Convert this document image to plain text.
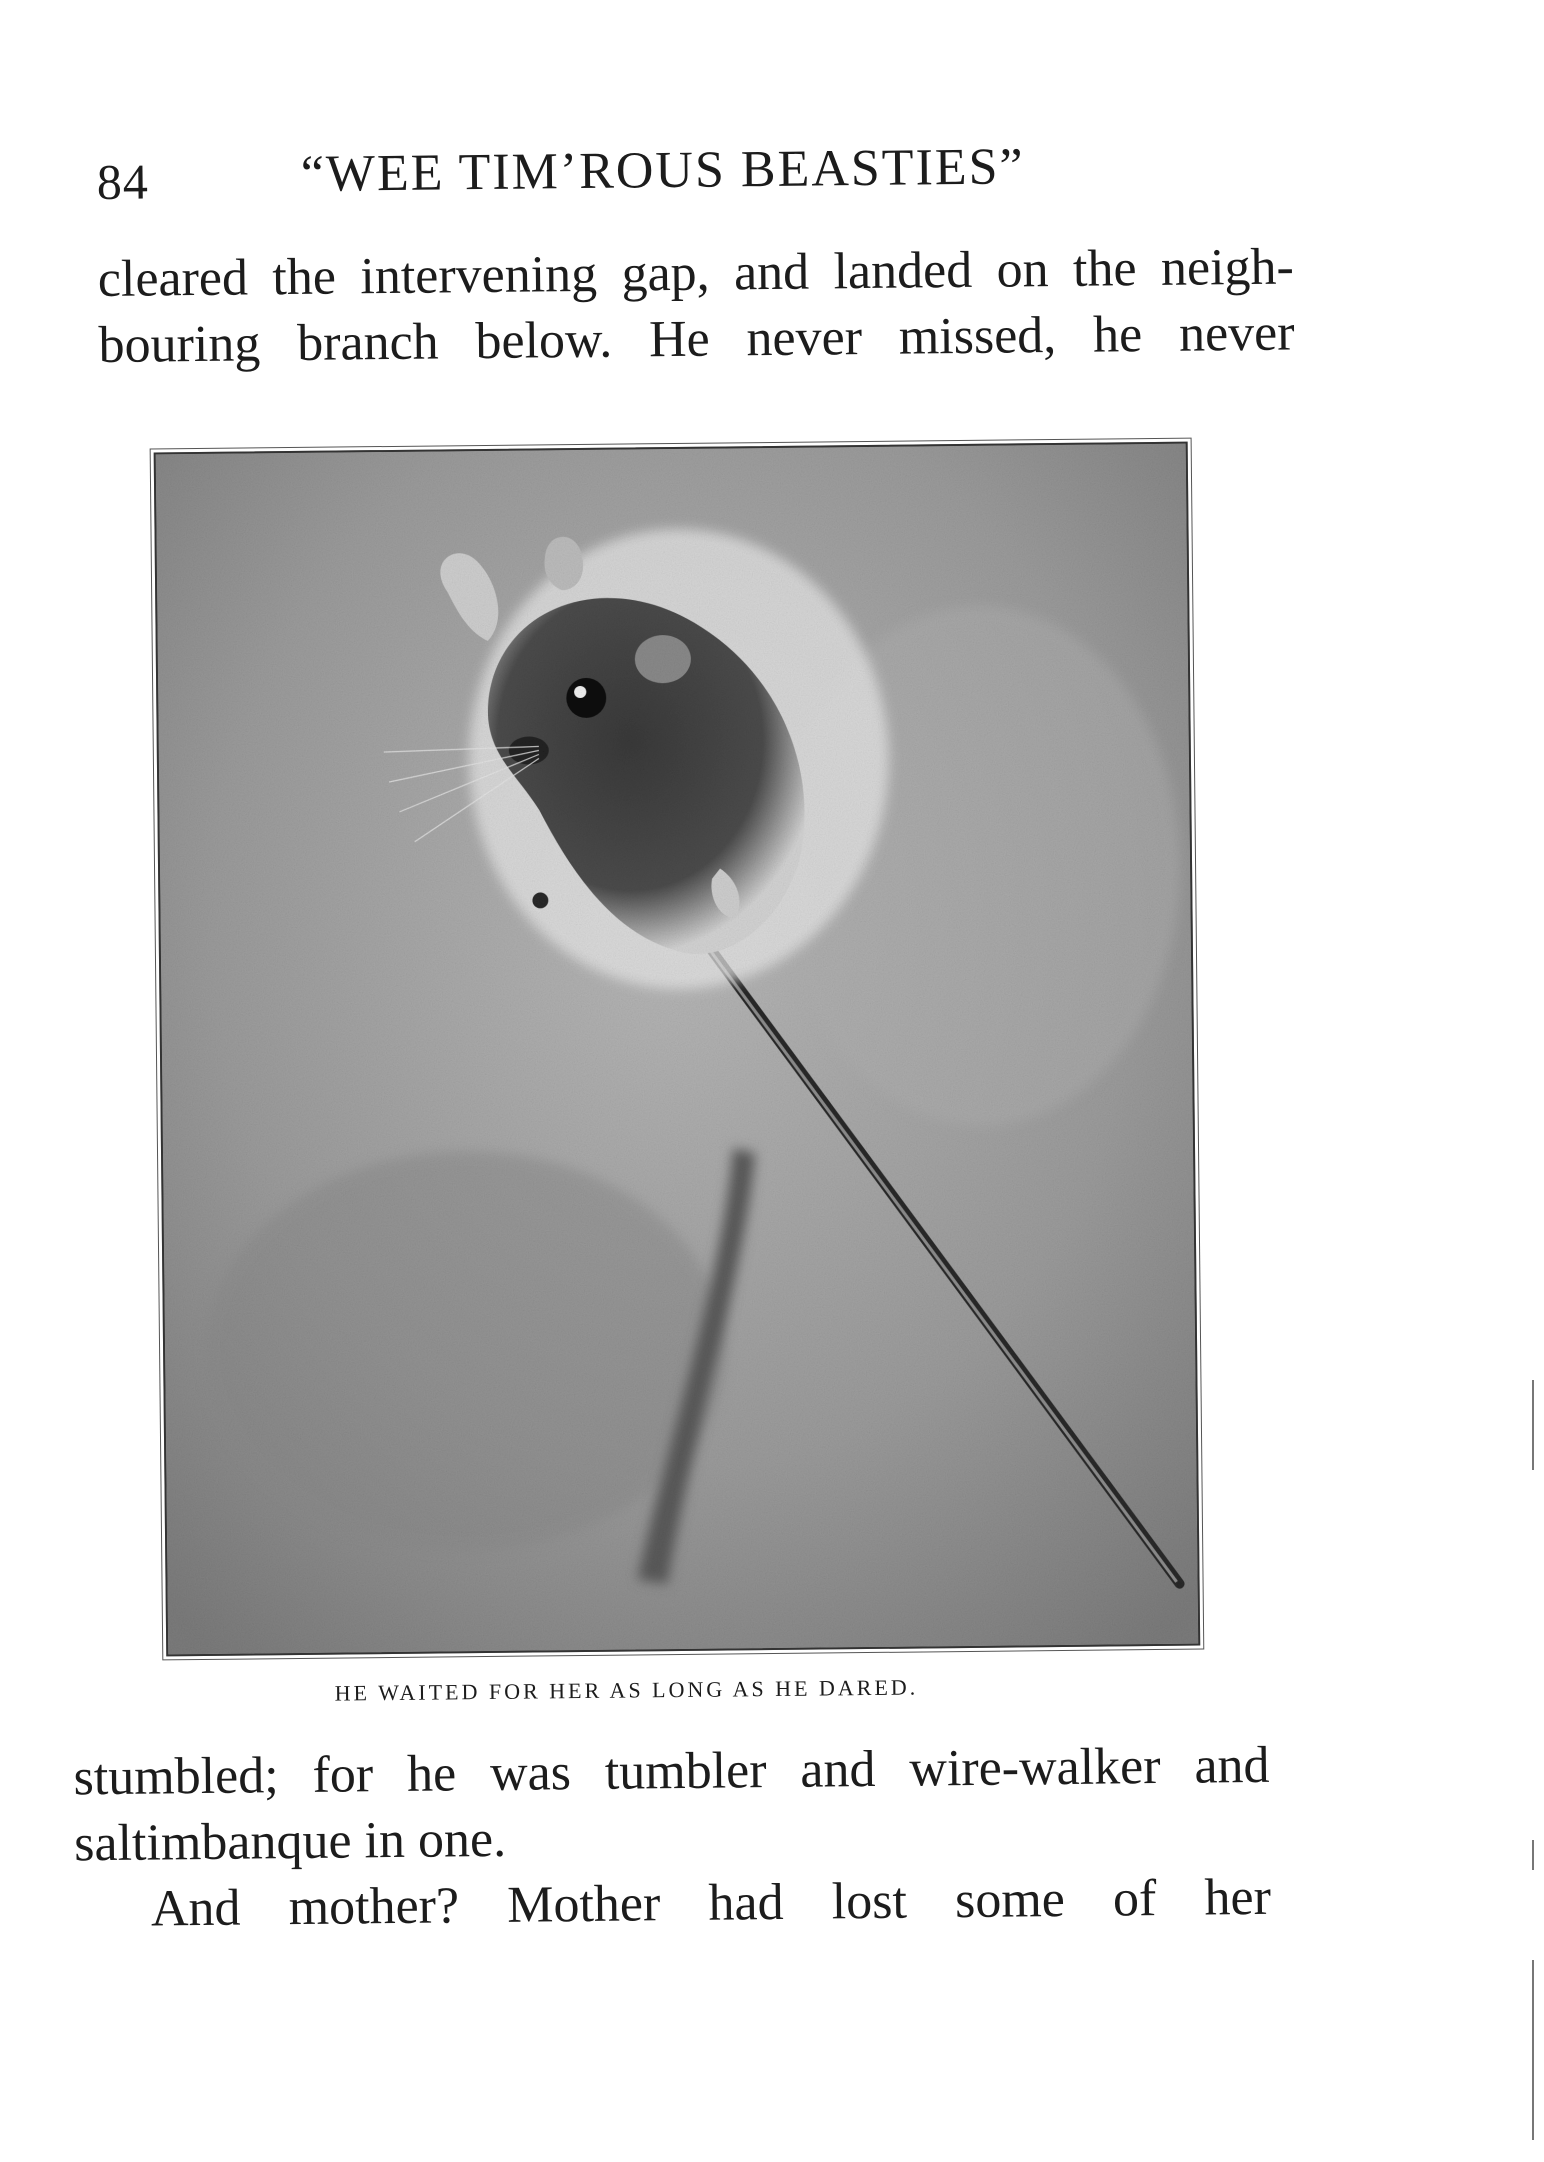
84	“WEE TIM’ROUS BEASTIES”
cleared the intervening gap, and landed on the neigh-
bouring branch below. He never missed, he never
HE WAITED FOR HER AS LONG AS HE DARED.
stumbled; for he was tumbler and wire-walker and
saltimbanque in one.
And mother? Mother had lost some of her
